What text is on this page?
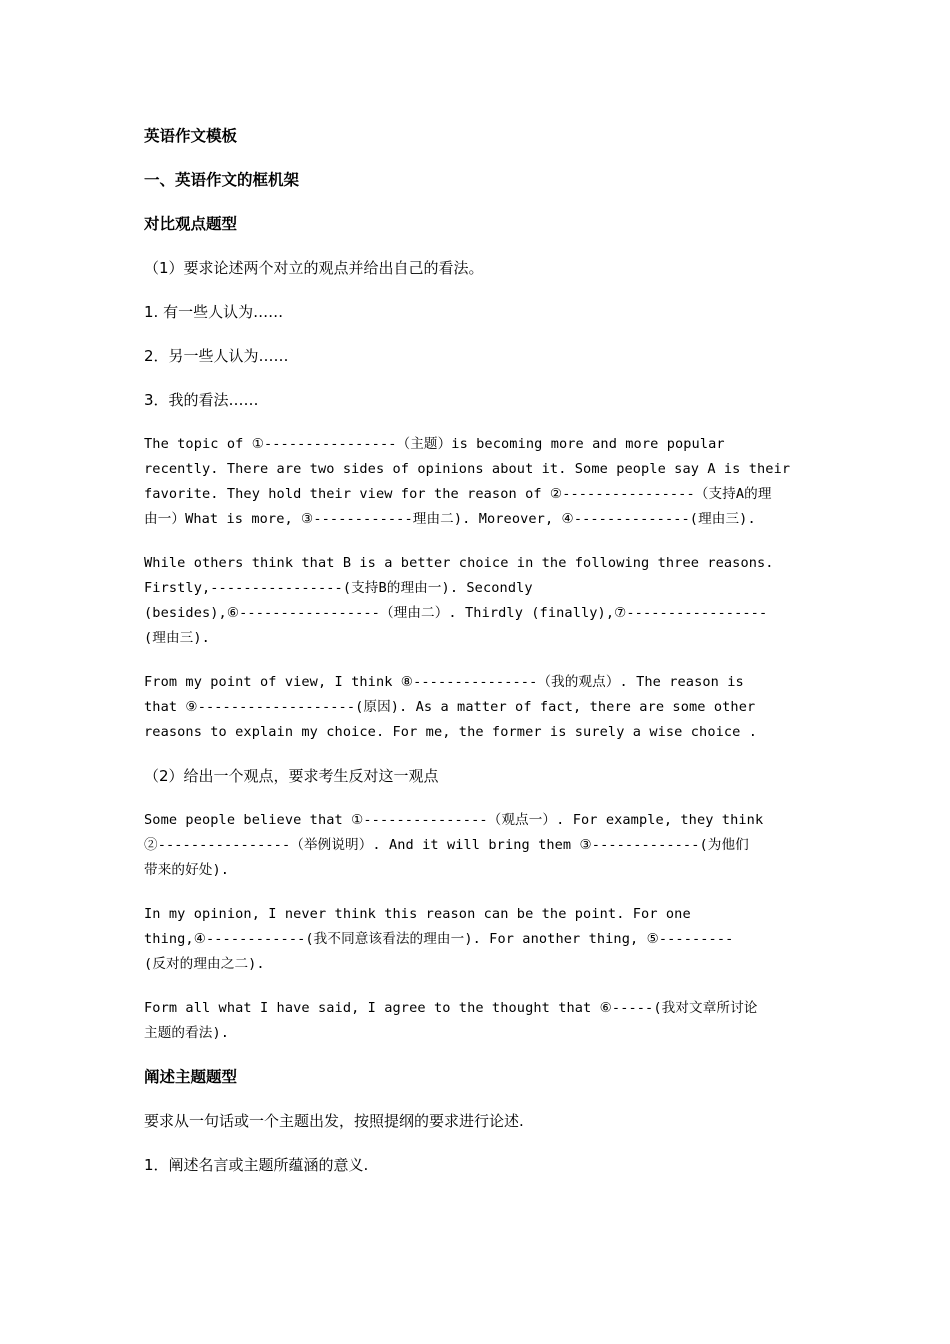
英语作文模板
一、英语作文的框机架
对比观点题型
（1）要求论述两个对立的观点并给出自己的看法。
1. 有一些人认为……
2．另一些人认为……
3．我的看法……
The topic of ①----------------（主题）is becoming more and more popular
recently. There are two sides of opinions about it. Some people say A is their
favorite. They hold their view for the reason of ②----------------（支持A的理
由一）What is more, ③------------理由二). Moreover, ④--------------(理由三).
While others think that B is a better choice in the following three reasons.
Firstly,----------------(支持B的理由一). Secondly
(besides),⑥-----------------（理由二）. Thirdly (finally),⑦-----------------
(理由三).
From my point of view, I think ⑧---------------（我的观点）. The reason is
that ⑨-------------------(原因). As a matter of fact, there are some other
reasons to explain my choice. For me, the former is surely a wise choice .
（2）给出一个观点，要求考生反对这一观点
Some people believe that ①---------------（观点一）. For example, they think
②----------------（举例说明）. And it will bring them ③-------------(为他们
带来的好处).
In my opinion, I never think this reason can be the point. For one
thing,④------------(我不同意该看法的理由一). For another thing, ⑤---------
(反对的理由之二).
Form all what I have said, I agree to the thought that ⑥-----(我对文章所讨论
主题的看法).
阐述主题题型
要求从一句话或一个主题出发，按照提纲的要求进行论述.
1．阐述名言或主题所蕴涵的意义.
